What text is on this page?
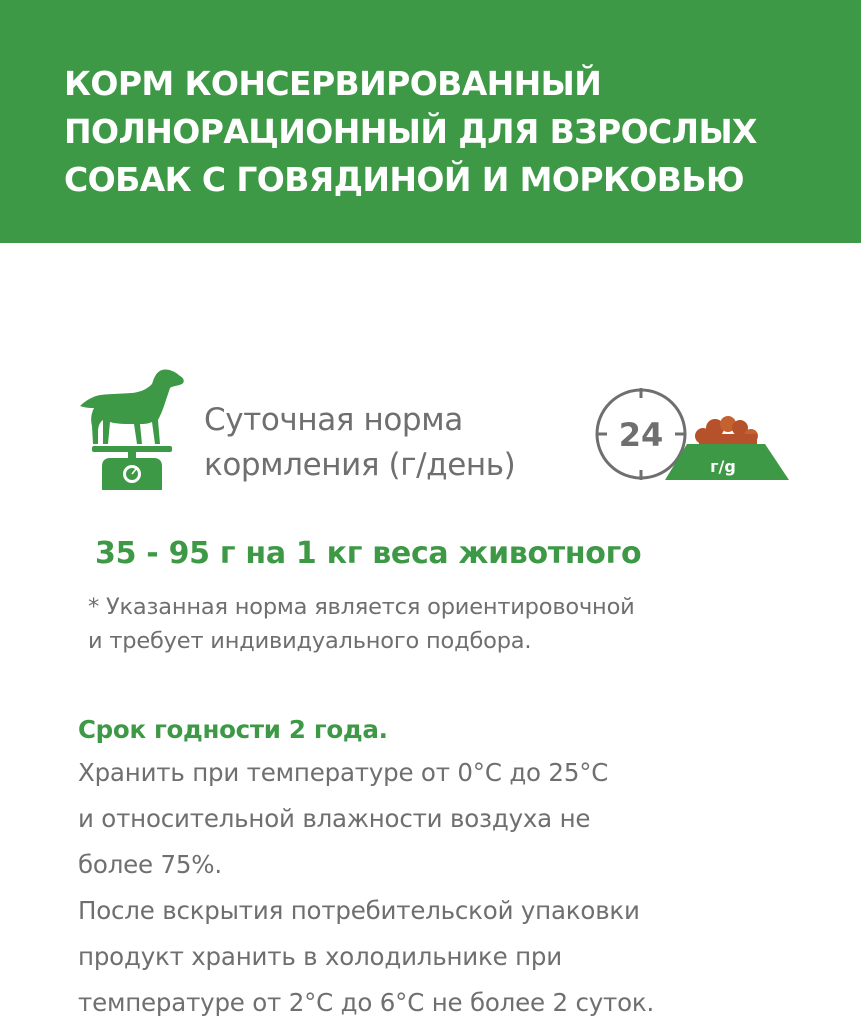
КОРМ КОНСЕРВИРОВАННЫЙ
ПОЛНОРАЦИОННЫЙ ДЛЯ ВЗРОСЛЫХ
СОБАК С ГОВЯДИНОЙ И МОРКОВЬЮ
Суточная норма
кормления (г/день)
24
г/g

35 - 95 г на 1 кг веса животного

* Указанная норма является ориентировочной
и требует индивидуального подбора.

Срок годности 2 года.

Хранить при температуре от 0°С до 25°С
и относительной влажности воздуха не
более 75%.
После вскрытия потребительской упаковки
продукт хранить в холодильнике при
температуре от 2°С до 6°С не более 2 суток.
